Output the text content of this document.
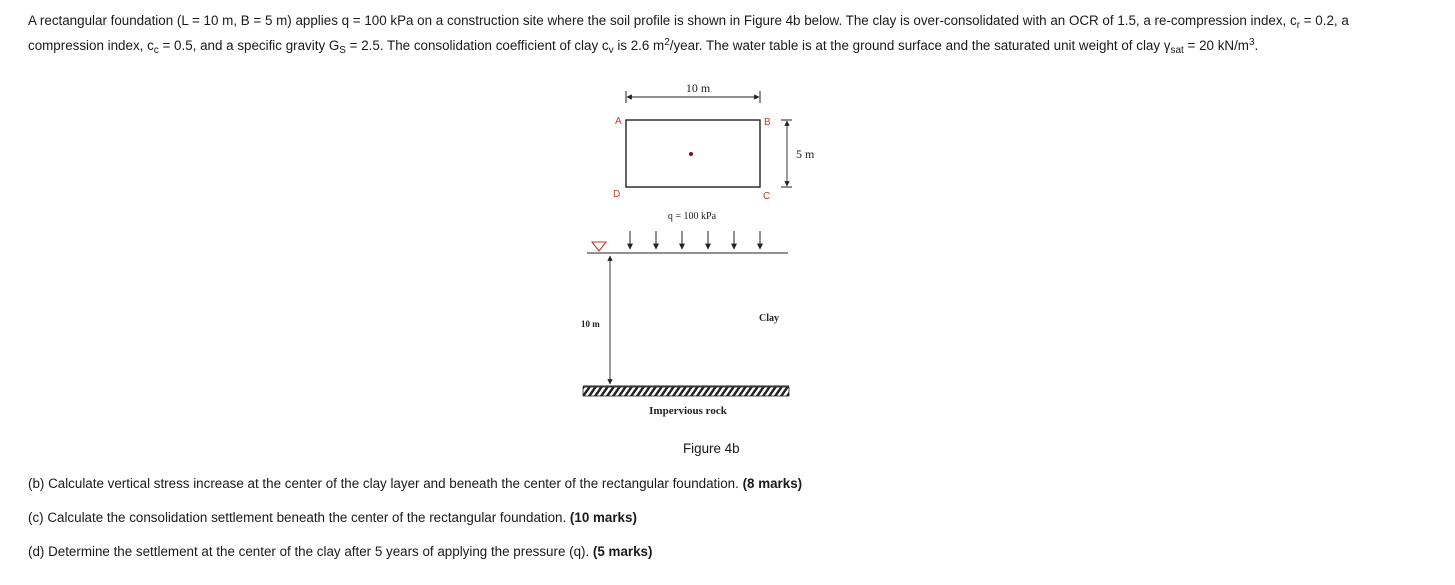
A rectangular foundation (L = 10 m, B = 5 m) applies q = 100 kPa on a construction site where the soil profile is shown in Figure 4b below. The clay is over-consolidated with an OCR of 1.5, a re-compression index, $c_r = 0.2$, a compression index, $c_c = 0.5$, and a specific gravity $G_S = 2.5$. The consolidation coefficient of clay $c_v$ is 2.6 $m^2$/year. The water table is at the ground surface and the saturated unit weight of clay $\gamma_{sat} = 20$ $kN/m^3$.
10 m
A	B
C
D
5 m
q = 100 kPa
10 m	Clay
Impervious rock
Figure 4b
(b) Calculate vertical stress increase at the center of the clay layer and beneath the center of the rectangular foundation. (8 marks)
(c) Calculate the consolidation settlement beneath the center of the rectangular foundation. (10 marks)
(d) Determine the settlement at the center of the clay after 5 years of applying the pressure (q). (5 marks)
